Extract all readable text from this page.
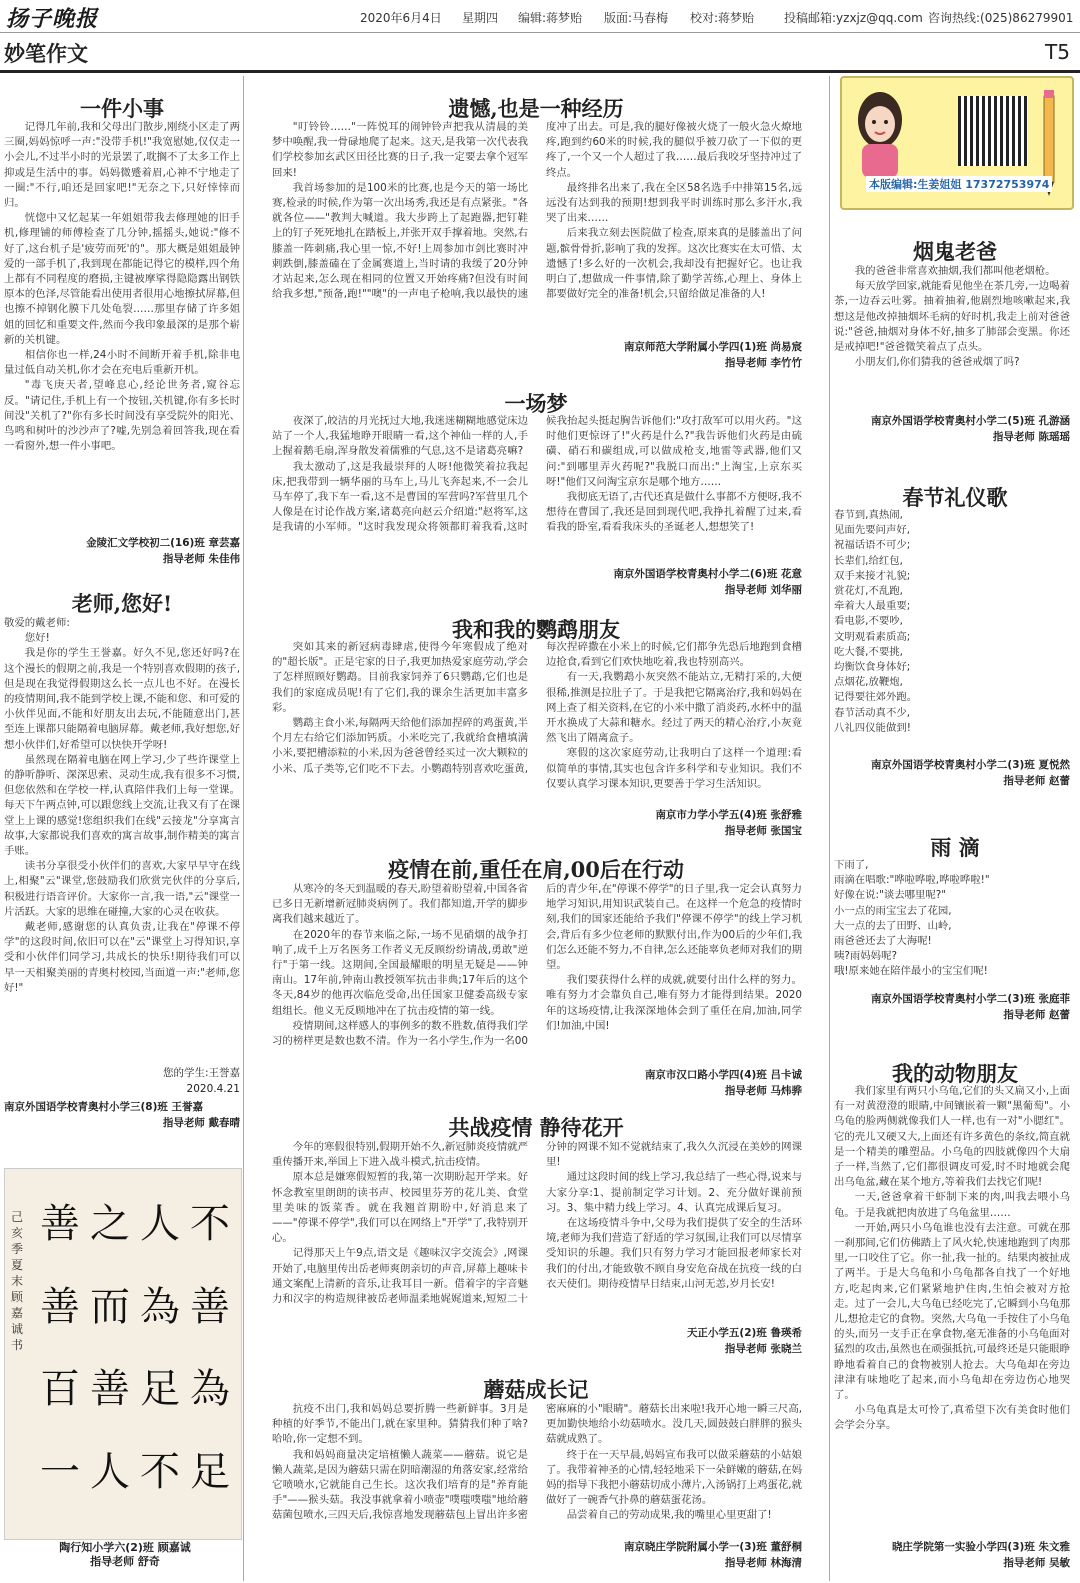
扬子晚报	2020年6月4日 星期四 编辑:蒋梦贻 版面:马春梅 校对:蒋梦贻 投稿邮箱:yzxjz@qq.com 咨询热线:(025)86279901
妙笔作文	T5
一件小事

记得几年前,我和父母出门散步,刚绕小区走了两三圈,妈妈惊呼一声:"没带手机!"我宽慰她,仅仅走一小会儿,不过半小时的光景罢了,耽搁不了太多工作上抑或是生活中的事。妈妈微蹙着眉,心神不宁地走了一圈:"不行,咱还是回家吧!"无奈之下,只好悻悻而归。

恍惚中又忆起某一年姐姐带我去修理她的旧手机,修理铺的师傅检查了几分钟,摇摇头,她说:"修不好了,这台机子是'疲劳而死'的"。那大概是姐姐最钟爱的一部手机了,我到现在都能记得它的模样,四个角上都有不同程度的磨损,主键被摩挲得隐隐露出钢铁原本的色泽,尽管能看出使用者很用心地擦拭屏幕,但也擦不掉钢化膜下几处龟裂……那里存储了许多姐姐的回忆和重要文件,然而今我印象最深的是那个崭新的关机键。

相信你也一样,24小时不间断开着手机,除非电量过低自动关机,你才会在充电后重新开机。

"毒飞庚天者,望峰息心,经论世务者,窥谷忘反。"请记住,手机上有一个按钮,关机键,你有多长时间没"关机了?"你有多长时间没有享受院外的阳光、鸟鸣和树叶的沙沙声了?嘘,先别急着回答我,现在看一看窗外,想一件小事吧。

金陵汇文学校初二(16)班 章芸嘉
指导老师 朱佳伟
老师,您好!

敬爱的戴老师:

您好!

我是你的学生王誉嘉。好久不见,您还好吗?在这个漫长的假期之前,我是一个特别喜欢假期的孩子,但是现在我觉得假期这么长一点儿也不好。在漫长的疫情期间,我不能到学校上课,不能和您、和可爱的小伙伴见面,不能和好朋友出去玩,不能随意出门,甚至连上课都只能隔着电脑屏幕。戴老师,我好想您,好想小伙伴们,好希望可以快快开学呀!

虽然现在隔着电脑在网上学习,少了些许课堂上的静听静听、深深思索、灵动生成,我有很多不习惯,但您依然和在学校一样,认真陪伴我们上每一堂课。每天下午两点钟,可以跟您线上交流,让我又有了在课堂上上课的感觉!您组织我们在线"云接龙"分享寓言故事,大家都说我们喜欢的寓言故事,制作精美的寓言手账。

读书分享很受小伙伴们的喜欢,大家早早守在线上,相聚"云"课堂,您鼓励我们欣赏完伙伴的分享后,积极进行语音评价。大家你一言,我一语,"云"课堂一片活跃。大家的思维在碰撞,大家的心灵在收获。

戴老师,感谢您的认真负责,让我在"停课不停学"的这段时间,依旧可以在"云"课堂上习得知识,享受和小伙伴们同学习,共成长的快乐!期待我们可以早一天相聚美丽的青奥村校园,当面道一声:"老师,您好!"

您的学生:王誉嘉
2020.4.21
南京外国语学校青奥村小学三(8)班 王誉嘉
指导老师 戴春晴
己亥季夏末顾嘉诚书
善 之 人 不
善 而 為 善
百 善 足 為
一 人 不 足
陶行知小学六(2)班 顾嘉诚
指导老师 舒奇
遗憾,也是一种经历

"叮铃铃……"一阵悦耳的闹钟铃声把我从清晨的美梦中唤醒,我一骨碌地爬了起来。这天,是我第一次代表我们学校参加玄武区田径比赛的日子,我一定要去拿个冠军回来!

我首场参加的是100米的比赛,也是今天的第一场比赛,检录的时候,作为第一次出场秀,我还是有点紧张。"各就各位——"教判大喊道。我大步跨上了起跑器,把钉鞋上的钉子死死地扎在踏板上,并张开双手撑着地。突然,右膝盖一阵刺痛,我心里一惊,不好!上周参加市剑比赛时冲刺跌倒,膝盖磕在了金属赛道上,当时请的我缓了20分钟才站起来,怎么现在相同的位置又开始疼痛?但没有时间给我多想,"预备,跑!""噢"的一声电子枪响,我以最快的速度冲了出去。可是,我的腿好像被火烧了一般火急火燎地疼,跑到约60米的时候,我的腿似乎被刀砍了一下似的更疼了,一个又一个人超过了我……最后我咬牙坚持冲过了终点。

最终排名出来了,我在全区58名选手中排第15名,远远没有达到我的预期!想到我平时训练时那么多汗水,我哭了出来……

后来我立刻去医院做了检查,原来真的是膝盖出了问题,髌骨骨折,影响了我的发挥。这次比赛实在太可惜、太遗憾了!多么好的一次机会,我却没有把握好它。也让我明白了,想做成一件事情,除了勤学苦练,心理上、身体上都要做好完全的准备!机会,只留给做足准备的人!

南京师范大学附属小学四(1)班 尚易宸
指导老师 李竹竹
一场梦

夜深了,皎洁的月光抚过大地,我迷迷糊糊地感觉床边站了一个人,我猛地睁开眼睛一看,这个神仙一样的人,手上握着鹅毛扇,浑身散发着儒雅的气息,这不是诸葛亮嘛?

我太激动了,这是我最崇拜的人呀!他微笑着拉我起床,把我带到一辆华丽的马车上,马儿飞奔起来,不一会儿马车停了,我下车一看,这不是曹国的军营吗?军营里几个人像是在讨论作战方案,诸葛亮向赵云介绍道:"赵将军,这是我请的小军师。"这时我发现众将领都盯着我看,这时候我抬起头挺起胸告诉他们:"攻打敌军可以用火药。"这时他们更惊讶了!"火药是什么?"我告诉他们火药是由硫磺、硝石和碳组成,可以做成枪支,地雷等武器,他们又问:"到哪里弄火药呢?"我脱口而出:"上淘宝,上京东买呀!"他们又问淘宝京东是哪个地方……

我彻底无语了,古代还真是做什么事都不方便呀,我不想待在曹国了,我还是回到现代吧,我挣扎着醒了过来,看看我的卧室,看看我床头的圣诞老人,想想笑了!

南京外国语学校青奥村小学二(6)班 花意
指导老师 刘华丽
我和我的鹦鹉朋友

突如其来的新冠病毒肆虐,使得今年寒假成了绝对的"超长版"。正是宅家的日子,我更加热爱家庭劳动,学会了怎样照顾好鹦鹉。目前我家饲养了6只鹦鹉,它们也是我们的家庭成员呢!有了它们,我的课余生活更加丰富多彩。

鹦鹉主食小米,每隔两天给他们添加捏碎的鸡蛋黄,半个月左右给它们添加钙质。小米吃完了,我就给食槽填满小米,要把槽添粒的小米,因为爸爸曾经买过一次大颗粒的小米、瓜子类等,它们吃不下去。小鹦鹉特别喜欢吃蛋黄,每次捏碎撒在小米上的时候,它们都争先恐后地跑到食槽边抢食,看到它们欢快地吃着,我也特别高兴。

有一天,我鹦鹉小灰突然不能站立,无精打采的,大便很稀,推测是拉肚子了。于是我把它隔离治疗,我和妈妈在网上查了相关资料,在它的小米中撒了消炎药,水杯中的温开水换成了大蒜和糖水。经过了两天的精心治疗,小灰竟然飞出了隔离盒子。

寒假的这次家庭劳动,让我明白了这样一个道理:看似简单的事情,其实也包含许多科学和专业知识。我们不仅要认真学习课本知识,更要善于学习生活知识。

南京市力学小学五(4)班 张舒雅
指导老师 张国宝
疫情在前,重任在肩,00后在行动

从寒冷的冬天到温暖的春天,盼望着盼望着,中国各省已多日无新增新冠肺炎病例了。我们都知道,开学的脚步离我们越来越近了。

在2020年的春节来临之际,一场不见硝烟的战争打响了,成千上万名医务工作者义无反顾纷纷请战,勇敢"逆行"于第一线。这期间,全国最耀眼的明星无疑是——钟南山。17年前,钟南山教授领军抗击非典;17年后的这个冬天,84岁的他再次临危受命,出任国家卫健委高级专家组组长。他义无反顾地冲在了抗击疫情的第一线。

疫情期间,这样感人的事例多的数不胜数,值得我们学习的榜样更是数也数不清。作为一名小学生,作为一名00后的青少年,在"停课不停学"的日子里,我一定会认真努力地学习知识,用知识武装自己。在这样一个危急的疫情时刻,我们的国家还能给予我们"停课不停学"的线上学习机会,背后有多少位老师的默默付出,作为00后的少年们,我们怎么还能不努力,不自律,怎么还能辜负老师对我们的期望。

我们要获得什么样的成就,就要付出什么样的努力。唯有努力才会靠负自己,唯有努力才能得到结果。2020年的这场疫情,让我深深地体会到了重任在肩,加油,同学们!加油,中国!

南京市汉口路小学四(4)班 吕卡诚
指导老师 马炜骅
共战疫情 静待花开

今年的寒假很特别,假期开始不久,新冠肺炎疫情就严重传播开来,举国上下进入战斗模式,抗击疫情。

原本总是嫌寒假短暂的我,第一次期盼起开学来。好怀念教室里朗朗的读书声、校园里芬芳的花儿美、食堂里美味的饭菜香。就在我翘首期盼中,好消息来了——"停课不停学",我们可以在网络上"开学"了,我特别开心。

记得那天上午9点,语文是《趣味汉字交流会》,网课开始了,电脑里传出岳老师爽朗亲切的声音,屏幕上趣味卡通文案配上清新的音乐,让我耳目一新。借着字的字音魅力和汉字的构造规律被岳老师温柔地娓娓道来,短短二十分钟的网课不知不觉就结束了,我久久沉浸在美妙的网课里!

通过这段时间的线上学习,我总结了一些心得,说来与大家分享:1、提前制定学习计划。2、充分做好课前预习。3、集中精力线上学习。4、认真完成课后复习。

在这场疫情斗争中,父母为我们提供了安全的生活环境,老师为我们营造了舒适的学习氛围,让我们可以尽情享受知识的乐趣。我们只有努力学习才能回报老师家长对我们的付出,才能致敬不顾自身安危奋战在抗疫一线的白衣天使们。期待疫情早日结束,山河无恙,岁月长安!

天正小学五(2)班 鲁瑛希
指导老师 张晓兰
蘑菇成长记

抗疫不出门,我和妈妈总要折腾一些新鲜事。3月是种植的好季节,不能出门,就在家里种。猜猜我们种了啥?哈哈,你一定想不到。

我和妈妈商量决定培植懒人蔬菜——蘑菇。说它是懒人蔬菜,是因为蘑菇只需在阴暗潮湿的角落安家,经常给它喷喷水,它就能自己生长。这次我们培育的是"养育能手"——猴头菇。我没事就拿着小喷壶"噗嗤噗嗤"地给蘑菇菌包喷水,三四天后,我惊喜地发现蘑菇包上冒出许多密密麻麻的小"眼睛"。蘑菇长出来啦!我开心地一瞬三尺高,更加勤快地给小幼菇喷水。没几天,圆鼓鼓白胖胖的猴头菇就成熟了。

终于在一天早晨,妈妈宣布我可以做采蘑菇的小姑娘了。我带着神圣的心情,轻轻地采下一朵鲜嫩的蘑菇,在妈妈的指导下我把小蘑菇切成小薄片,入汤锅打上鸡蛋花,就做好了一碗香气扑鼻的蘑菇蛋花汤。

品尝着自己的劳动成果,我的嘴里心里更甜了!

南京晓庄学院附属小学一(3)班 董舒桐
指导老师 林海清
本版编辑:生姜姐姐 17372753974
烟鬼老爸

我的爸爸非常喜欢抽烟,我们都叫他老烟枪。

每天放学回家,就能看见他坐在茶几旁,一边喝着茶,一边吞云吐雾。抽着抽着,他剧烈地咳嗽起来,我想这是他改掉抽烟坏毛病的好时机,我走上前对爸爸说:"爸爸,抽烟对身体不好,抽多了肺部会变黑。你还是戒掉吧!"爸爸微笑着点了点头。

小朋友们,你们猜我的爸爸戒烟了吗?

南京外国语学校青奥村小学二(5)班 孔游涵
指导老师 陈瑶瑶
春节礼仪歌
春节到,真热闹,
见面先要问声好,
祝福话语不可少;
长辈们,给红包,
双手来接才礼貌;
赏花灯,不乱跑,
牵着大人最重要;
看电影,不要吵,
文明观看素质高;
吃大餐,不要挑,
均衡饮食身体好;
点烟花,放鞭炮,
记得要往郊外跑。
春节活动真不少,
八礼四仪能做到!
南京外国语学校青奥村小学二(3)班 夏悦然
指导老师 赵蕾
雨 滴
下雨了,
雨滴在唱歌:"哗啦哗啦,哗啦哗啦!"
好像在说:"谈去哪里呢?"
小一点的雨宝宝去了花园,
大一点的去了田野、山岭,
雨爸爸还去了大海呢!
咦?雨妈妈呢?
哦!原来她在陪伴最小的宝宝们呢!
南京外国语学校青奥村小学二(3)班 张庭菲
指导老师 赵蕾
我的动物朋友

我们家里有两只小乌龟,它们的头又扁又小,上面有一对黄澄澄的眼睛,中间镶嵌着一颗"黑葡萄"。小乌龟的脸两侧就像我们人一样,也有一对"小腮红"。它的壳儿又硬又大,上面还有许多黄色的条纹,简直就是一个精美的雕塑品。小乌龟的四肢就像四个大扇子一样,当然了,它们都很调皮可爱,时不时地就会爬出乌龟盆,藏在某个地方,等着我们去找它们呢!

一天,爸爸拿着干虾制下来的肉,叫我去喂小乌龟。于是我就把肉放进了乌龟盆里……

一开始,两只小乌龟谁也没有去注意。可就在那一刹那间,它们仿佛踏上了风火轮,快速地跑到了肉那里,一口咬住了它。你一扯,我一扯的。结果肉被扯成了两半。于是大乌龟和小乌龟都各自找了一个好地方,吃起肉来,它们紧紧地护住肉,生怕会被对方抢走。过了一会儿,大乌龟已经吃完了,它瞬到小乌龟那儿,想抢走它的食物。突然,大乌龟一手按住了小乌龟的头,而另一支手正在拿食物,毫无准备的小乌龟面对猛烈的攻击,虽然也在顽强抵抗,可最终还是只能眼睁睁地看着自己的食物被别人抢去。大乌龟却在旁边津津有味地吃了起来,而小乌龟却在旁边伤心地哭了。

小乌龟真是太可怜了,真希望下次有美食时他们会学会分享。

晓庄学院第一实验小学四(3)班 朱文雅
指导老师 吴敏
